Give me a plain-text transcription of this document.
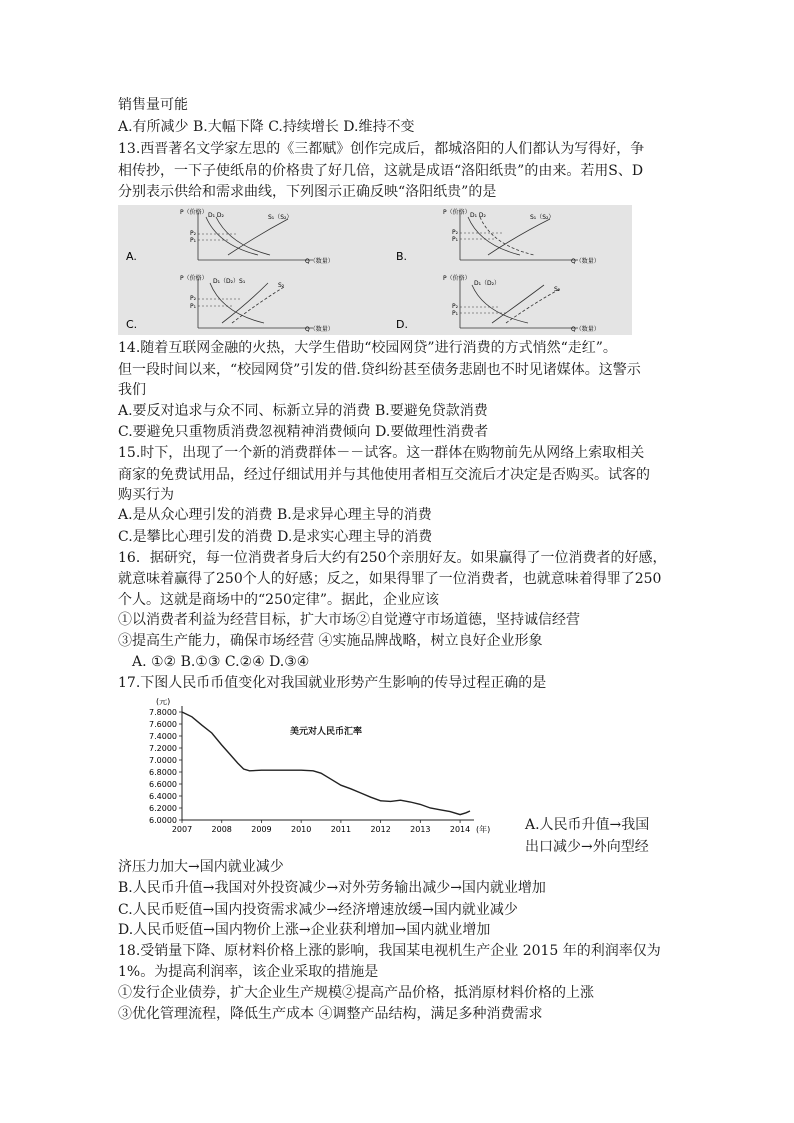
销售量可能
A.有所减少 B.大幅下降 C.持续增长 D.维持不变
13.西晋著名文学家左思的《三都赋》创作完成后，都城洛阳的人们都认为写得好，争
相传抄，一下子使纸帛的价格贵了好几倍，这就是成语“洛阳纸贵”的由来。若用S、D
分别表示供给和需求曲线，下列图示正确反映“洛阳纸贵”的是
A.
P（价格）
Q（数量）
D₁ D₂	S₁（S₂）
P₂
P₁
B.
P（价格）
Q（数量）
D₁ D₂	S₁（S₂）
P₂
P₁
C.
P（价格）
Q（数量）
D₁（D₂）S₁
S₂
P₂
P₁
D.
P（价格）
Q（数量）
D₁（D₂）
S₂
P₂
P₁
14.随着互联网金融的火热，大学生借助“校园网贷”进行消费的方式悄然“走红”。
但一段时间以来，“校园网贷”引发的借.贷纠纷甚至债务悲剧也不时见诸媒体。这警示
我们
A.要反对追求与众不同、标新立异的消费 B.要避免贷款消费
C.要避免只重物质消费忽视精神消费倾向 D.要做理性消费者
15.时下，出现了一个新的消费群体－－试客。这一群体在购物前先从网络上索取相关
商家的免费试用品，经过仔细试用并与其他使用者相互交流后才决定是否购买。试客的
购买行为
A.是从众心理引发的消费 B.是求异心理主导的消费
C.是攀比心理引发的消费 D.是求实心理主导的消费
16．据研究，每一位消费者身后大约有250个亲朋好友。如果赢得了一位消费者的好感，
就意味着赢得了250个人的好感；反之，如果得罪了一位消费者，也就意味着得罪了250
个人。这就是商场中的“250定律”。据此，企业应该
①以消费者利益为经营目标，扩大市场②自觉遵守市场道德，坚持诚信经营
③提高生产能力，确保市场经营 ④实施品牌战略，树立良好企业形象
A. ①② B.①③ C.②④ D.③④
17.下图人民币币值变化对我国就业形势产生影响的传导过程正确的是
(元)
7.8000
7.6000
7.4000
7.2000
7.0000
6.8000
6.6000
6.4000
6.2000
6.0000
2007 2008 2009 2010 2011 2012 2013 2014 (年)
美元对人民币汇率
A.人民币升值→我国
出口减少→外向型经
济压力加大→国内就业减少
B.人民币升值→我国对外投资减少→对外劳务输出减少→国内就业增加
C.人民币贬值→国内投资需求减少→经济增速放缓→国内就业减少
D.人民币贬值→国内物价上涨→企业获利增加→国内就业增加
18.受销量下降、原材料价格上涨的影响，我国某电视机生产企业 2015 年的利润率仅为
1%。为提高利润率，该企业采取的措施是
①发行企业债券，扩大企业生产规模②提高产品价格，抵消原材料价格的上涨
③优化管理流程，降低生产成本 ④调整产品结构，满足多种消费需求
